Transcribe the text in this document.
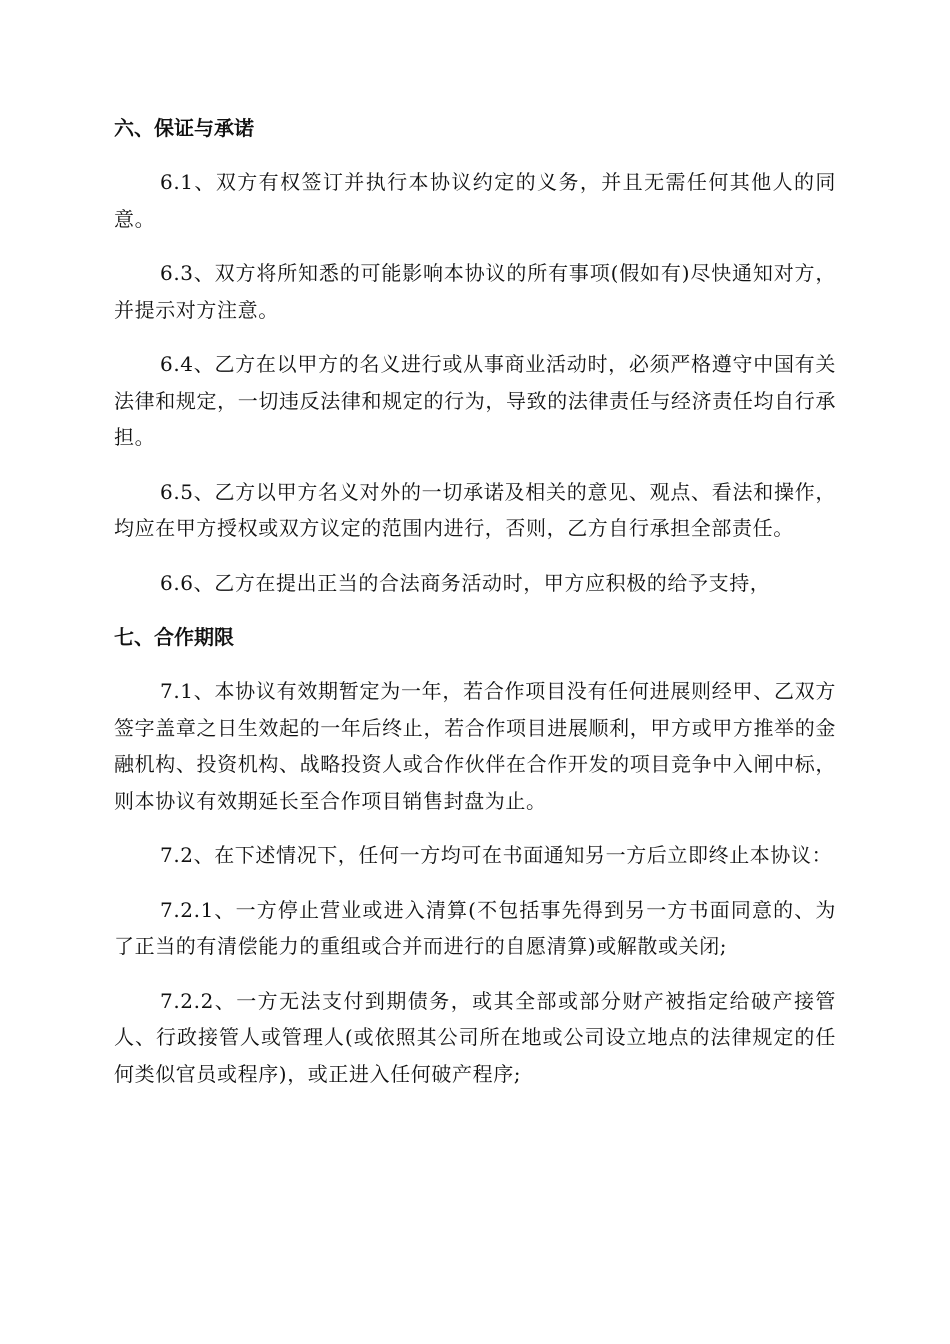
六、保证与承诺

6.1、双方有权签订并执行本协议约定的义务，并且无需任何其他人的同意。

6.3、双方将所知悉的可能影响本协议的所有事项(假如有)尽快通知对方，并提示对方注意。

6.4、乙方在以甲方的名义进行或从事商业活动时，必须严格遵守中国有关法律和规定，一切违反法律和规定的行为，导致的法律责任与经济责任均自行承担。

6.5、乙方以甲方名义对外的一切承诺及相关的意见、观点、看法和操作，均应在甲方授权或双方议定的范围内进行，否则，乙方自行承担全部责任。

6.6、乙方在提出正当的合法商务活动时，甲方应积极的给予支持，

七、合作期限

7.1、本协议有效期暂定为一年，若合作项目没有任何进展则经甲、乙双方签字盖章之日生效起的一年后终止，若合作项目进展顺利，甲方或甲方推举的金融机构、投资机构、战略投资人或合作伙伴在合作开发的项目竞争中入闸中标，则本协议有效期延长至合作项目销售封盘为止。

7.2、在下述情况下，任何一方均可在书面通知另一方后立即终止本协议：

7.2.1、一方停止营业或进入清算(不包括事先得到另一方书面同意的、为了正当的有清偿能力的重组或合并而进行的自愿清算)或解散或关闭;

7.2.2、一方无法支付到期债务，或其全部或部分财产被指定给破产接管人、行政接管人或管理人(或依照其公司所在地或公司设立地点的法律规定的任何类似官员或程序)，或正进入任何破产程序;
